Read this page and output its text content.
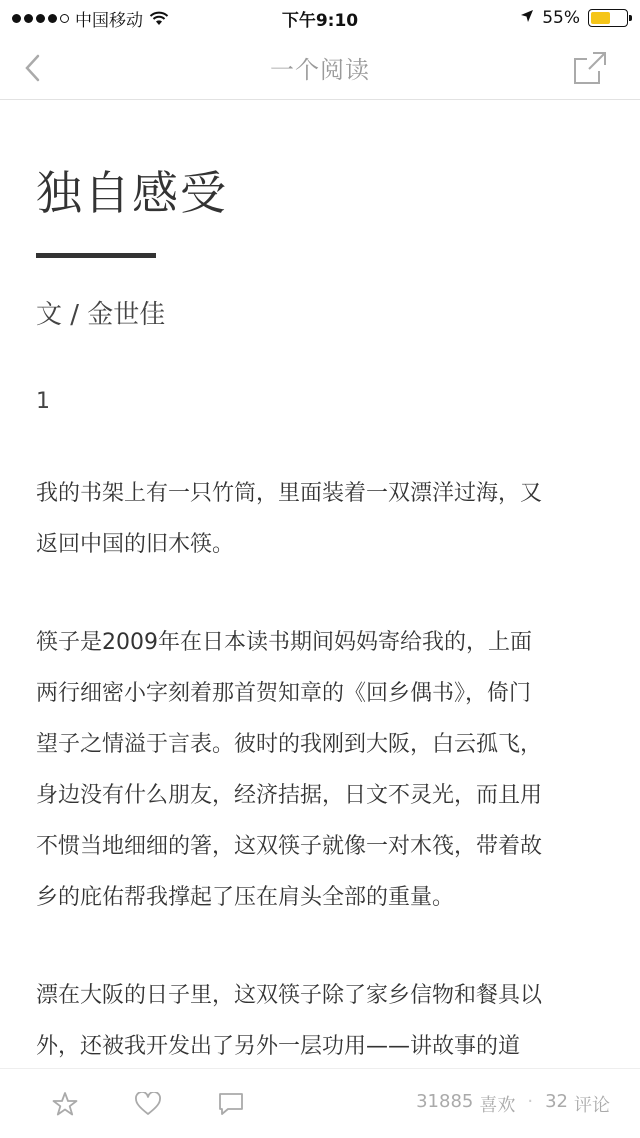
中国移动	下午9:10	55%
一个阅读
独自感受
文 / 金世佳
1
我的书架上有一只竹筒，里面装着一双漂洋过海，又
返回中国的旧木筷。
筷子是2009年在日本读书期间妈妈寄给我的，上面
两行细密小字刻着那首贺知章的《回乡偶书》，倚门
望子之情溢于言表。彼时的我刚到大阪，白云孤飞，
身边没有什么朋友，经济拮据，日文不灵光，而且用
不惯当地细细的箸，这双筷子就像一对木筏，带着故
乡的庇佑帮我撑起了压在肩头全部的重量。
漂在大阪的日子里，这双筷子除了家乡信物和餐具以
外，还被我开发出了另外一层功用——讲故事的道
31885 喜欢 · 32 评论
